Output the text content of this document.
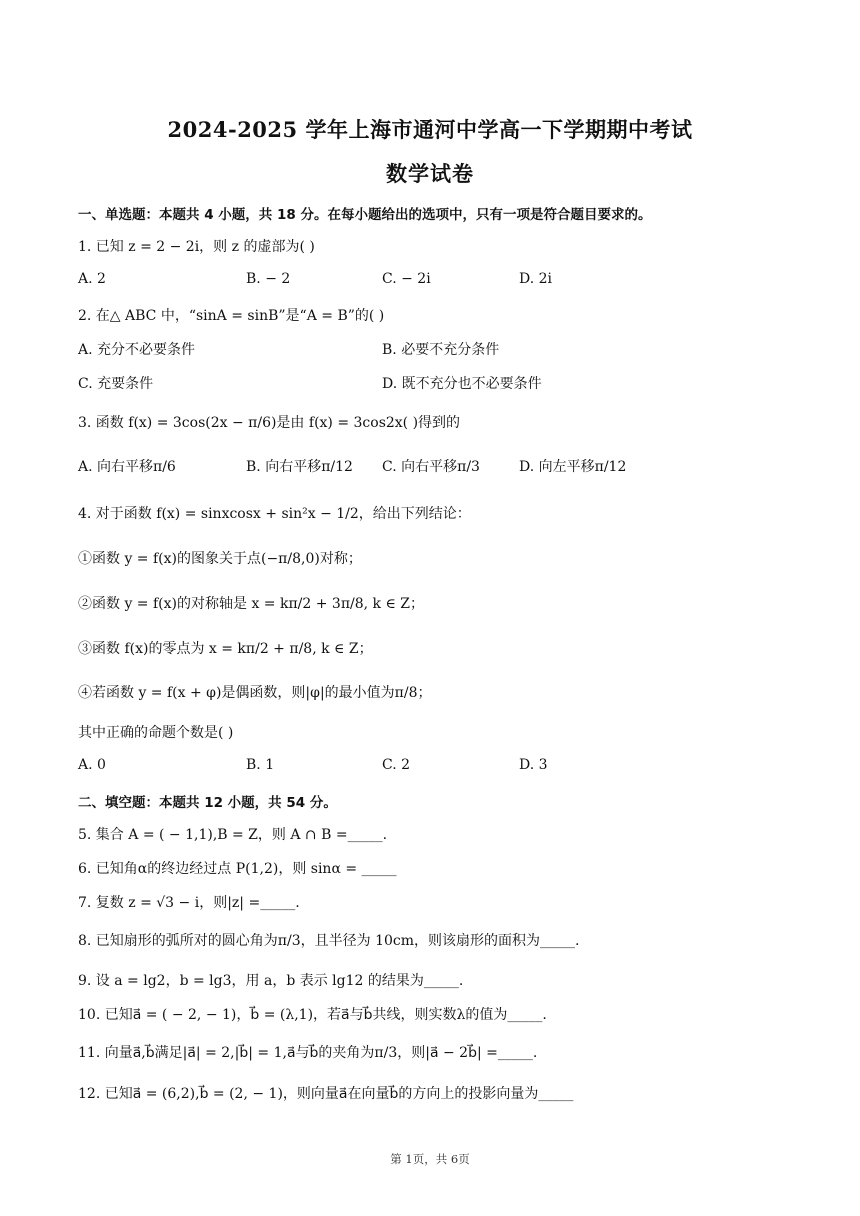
2024-2025 学年上海市通河中学高一下学期期中考试
数学试卷
一、单选题：本题共 4 小题，共 18 分。在每小题给出的选项中，只有一项是符合题目要求的。
1. 已知 z = 2 − 2i，则 z 的虚部为( )
A. 2	B. − 2	C. − 2i	D. 2i
2. 在△ ABC 中，“sinA = sinB”是“A = B”的( )
A. 充分不必要条件	B. 必要不充分条件
C. 充要条件	D. 既不充分也不必要条件
3. 函数 f(x) = 3cos(2x − π/6)是由 f(x) = 3cos2x( )得到的
A. 向右平移π/6	B. 向右平移π/12 C. 向右平移π/3	D. 向左平移π/12
4. 对于函数 f(x) = sinxcosx + sin²x − 1/2，给出下列结论：
①函数 y = f(x)的图象关于点(−π/8,0)对称；
②函数 y = f(x)的对称轴是 x = kπ/2 + 3π/8, k ∈ Z；
③函数 f(x)的零点为 x = kπ/2 + π/8, k ∈ Z；
④若函数 y = f(x + φ)是偶函数，则|φ|的最小值为π/8；
其中正确的命题个数是( )
A. 0	B. 1	C. 2	D. 3
二、填空题：本题共 12 小题，共 54 分。
5. 集合 A = ( − 1,1),B = Z，则 A ∩ B =_____.
6. 已知角α的终边经过点 P(1,2)，则 sinα = _____
7. 复数 z = √3 − i，则|z| =_____.
8. 已知扇形的弧所对的圆心角为π/3，且半径为 10cm，则该扇形的面积为_____.
9. 设 a = lg2，b = lg3，用 a，b 表示 lg12 的结果为_____.
10. 已知a⃗ = ( − 2, − 1)，b⃗ = (λ,1)，若a⃗与b⃗共线，则实数λ的值为_____.
11. 向量a⃗,b⃗满足|a⃗| = 2,|b⃗| = 1,a⃗与b⃗的夹角为π/3，则|a⃗ − 2b⃗| =_____.
12. 已知a⃗ = (6,2),b⃗ = (2, − 1)，则向量a⃗在向量b⃗的方向上的投影向量为_____
第 1页，共 6页
